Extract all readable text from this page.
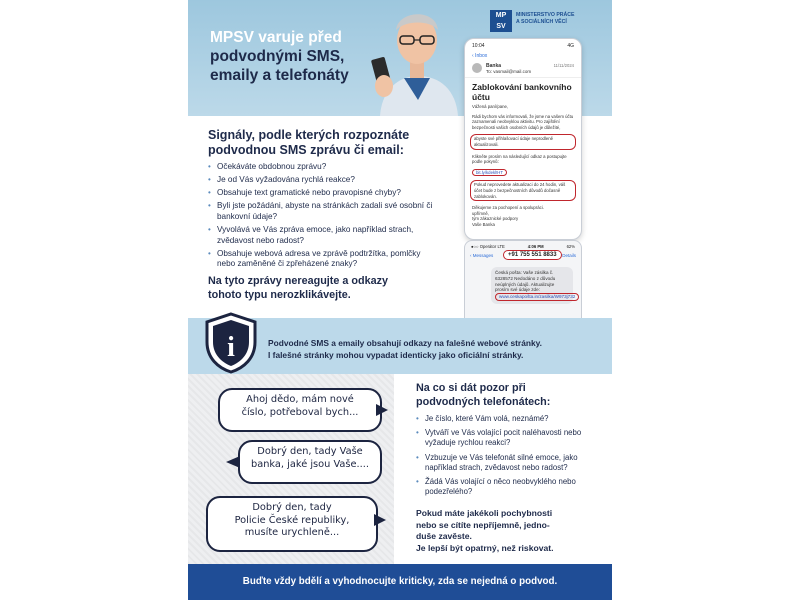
MPSV varuje před
podvodnými SMS,
emaily a telefonáty
MP
SV
MINISTERSTVO PRÁCE
A SOCIÁLNÍCH VĚCÍ
10:04	4G
‹ Inbox
Banka
To: vasmail@mail.com
11/11/2024
Zablokování bankovního
účtu

Vážená paní/pane,

Rádi bychom vás informovali, že jsme na vašem účtu zaznamenali neobvyklou aktivitu. Pro zajištění bezpečnosti vašich osobních údajů je důležité,

abyste své přihlašovací údaje neprodleně aktualizovali.

Klikněte prosím na následující odkaz a postupujte podle pokynů:

bit.ly/kdekl!HT

Pokud neprovedete aktualizaci do 24 hodin, váš účet bude z bezpečnostních důvodů dočasně zablokován.

Děkujeme za pochopení a spolupráci.
upřímně,
tým zákaznické podpory
Vaše Banka

Signály, podle kterých rozpoznáte
podvodnou SMS zprávu či email:
• Očekáváte obdobnou zprávu?
• Je od Vás vyžadována rychlá reakce?
• Obsahuje text gramatické nebo pravopisné chyby?
• Byli jste požádáni, abyste na stránkách zadali své osobní či bankovní údaje?
• Vyvolává ve Vás zpráva emoce, jako například strach, zvědavost nebo radost?
• Obsahuje webová adresa ve zprávě podtržítka, pomlčky nebo zaměněné či zpřeházené znaky?

Na tyto zprávy nereagujte a odkazy
tohoto typu nerozklikávejte.

●○○ Operátor LTE	4:06 PM	62%
‹ Messages	+91 755 551 8833	Details

Česká pošta: Vaše zásilka č. 6328572 Nedodáno z důvodu neúplných údajů. Aktualizujte prosím své údaje zde:

www.ceskapošta.in/zasilka/W973j732
i	Podvodné SMS a emaily obsahují odkazy na falešné webové stránky.
I falešné stránky mohou vypadat identicky jako oficiální stránky.

Ahoj dědo, mám nové
číslo, potřeboval bych...
Dobrý den, tady Vaše
banka, jaké jsou Vaše....
Dobrý den, tady
Policie České republiky,
musíte urychleně...
Na co si dát pozor při
podvodných telefonátech:
• Je číslo, které Vám volá, neznámé?
• Vytváří ve Vás volající pocit naléhavosti nebo vyžaduje rychlou reakci?
• Vzbuzuje ve Vás telefonát silné emoce, jako například strach, zvědavost nebo radost?
• Žádá Vás volající o něco neobvyklého nebo podezřelého?

Pokud máte jakékoli pochybnosti
nebo se cítíte nepříjemně, jedno-
duše zavěste.
Je lepší být opatrný, než riskovat.

Buďte vždy bdělí a vyhodnocujte kriticky, zda se nejedná o podvod.
